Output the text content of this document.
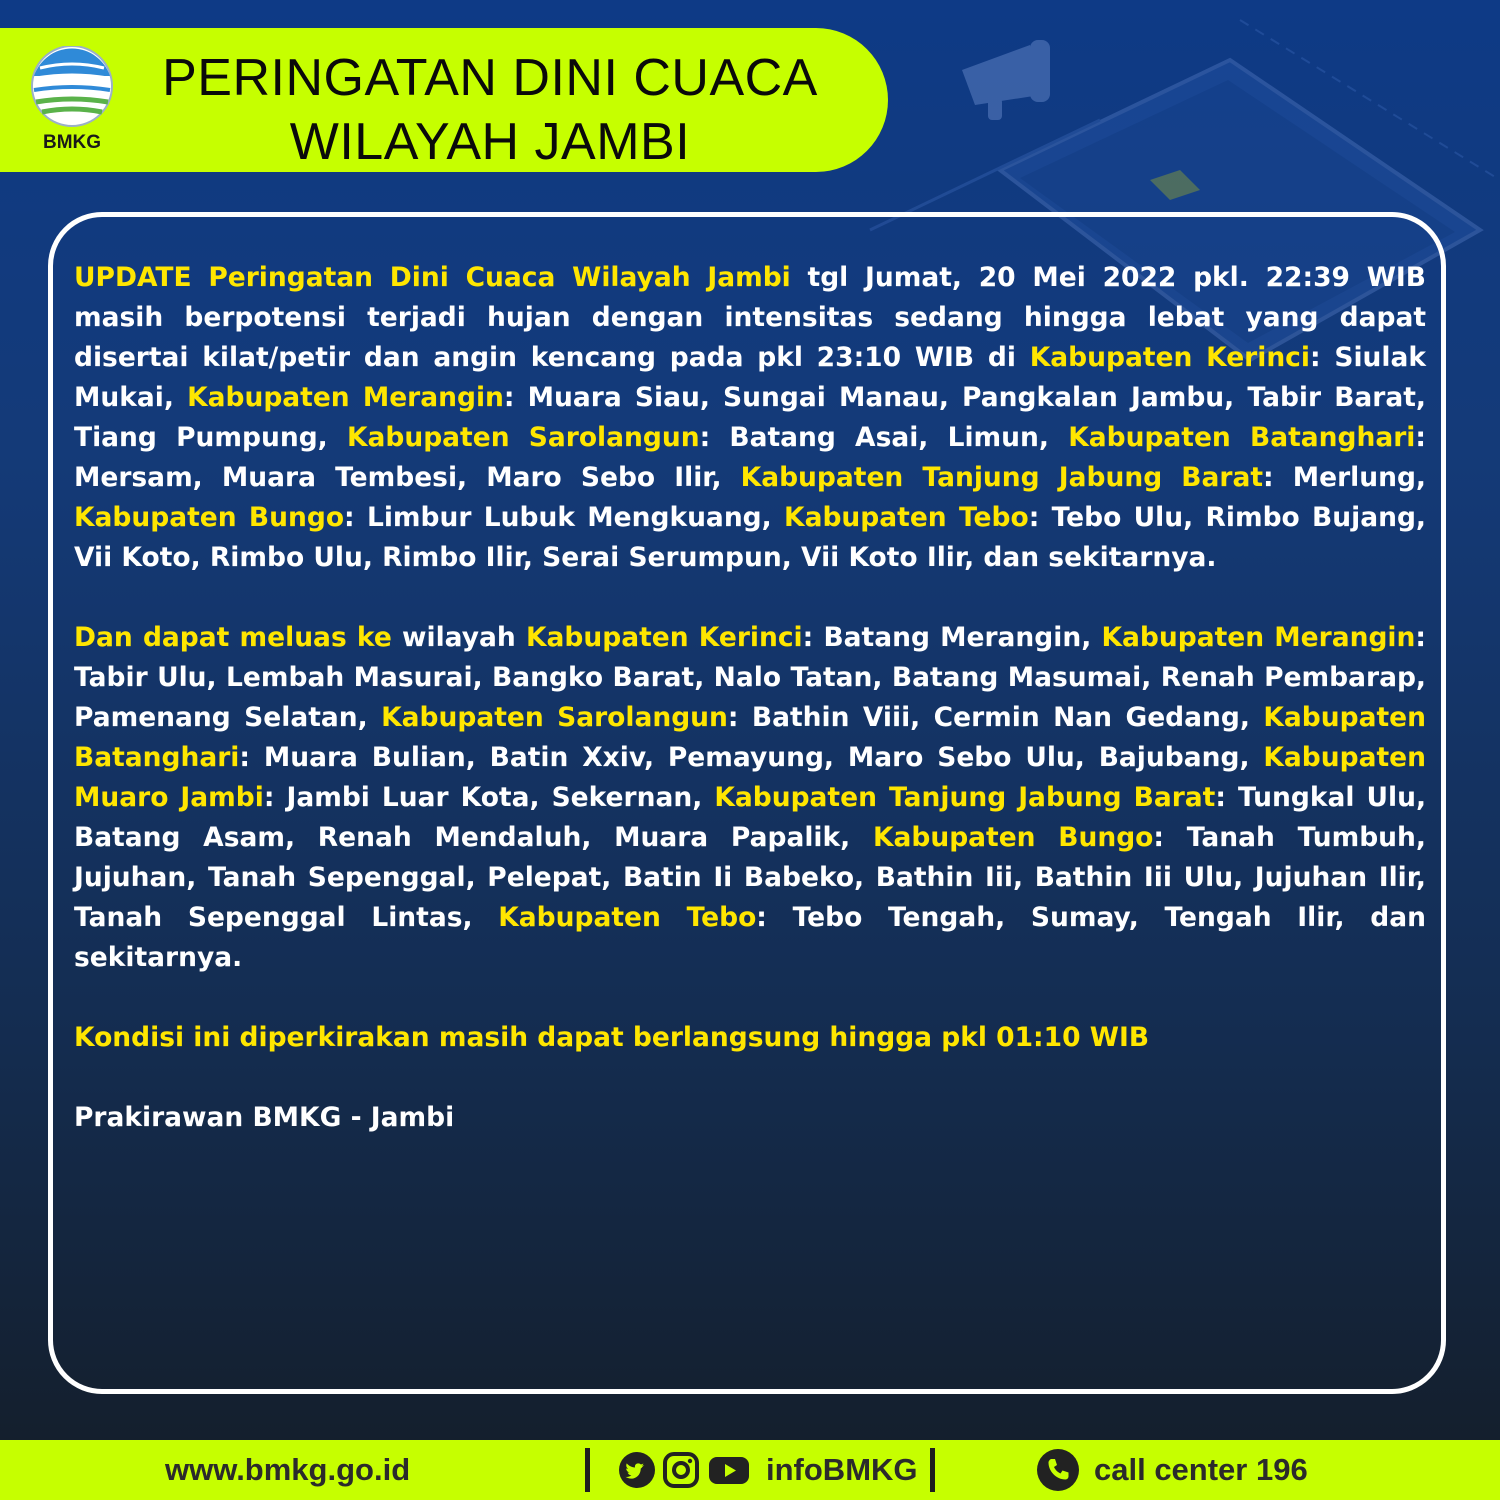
BMKG
PERINGATAN DINI CUACA
WILAYAH JAMBI

UPDATE Peringatan Dini Cuaca Wilayah Jambi tgl Jumat, 20 Mei 2022 pkl. 22:39 WIB masih berpotensi terjadi hujan dengan intensitas sedang hingga lebat yang dapat disertai kilat/petir dan angin kencang pada pkl 23:10 WIB di Kabupaten Kerinci: Siulak Mukai, Kabupaten Merangin: Muara Siau, Sungai Manau, Pangkalan Jambu, Tabir Barat, Tiang Pumpung, Kabupaten Sarolangun: Batang Asai, Limun, Kabupaten Batanghari: Mersam, Muara Tembesi, Maro Sebo Ilir, Kabupaten Tanjung Jabung Barat: Merlung, Kabupaten Bungo: Limbur Lubuk Mengkuang, Kabupaten Tebo: Tebo Ulu, Rimbo Bujang, Vii Koto, Rimbo Ulu, Rimbo Ilir, Serai Serumpun, Vii Koto Ilir, dan sekitarnya.

Dan dapat meluas ke wilayah Kabupaten Kerinci: Batang Merangin, Kabupaten Merangin: Tabir Ulu, Lembah Masurai, Bangko Barat, Nalo Tatan, Batang Masumai, Renah Pembarap, Pamenang Selatan, Kabupaten Sarolangun: Bathin Viii, Cermin Nan Gedang, Kabupaten Batanghari: Muara Bulian, Batin Xxiv, Pemayung, Maro Sebo Ulu, Bajubang, Kabupaten Muaro Jambi: Jambi Luar Kota, Sekernan, Kabupaten Tanjung Jabung Barat: Tungkal Ulu, Batang Asam, Renah Mendaluh, Muara Papalik, Kabupaten Bungo: Tanah Tumbuh, Jujuhan, Tanah Sepenggal, Pelepat, Batin Ii Babeko, Bathin Iii, Bathin Iii Ulu, Jujuhan Ilir, Tanah Sepenggal Lintas, Kabupaten Tebo: Tebo Tengah, Sumay, Tengah Ilir, dan sekitarnya.

Kondisi ini diperkirakan masih dapat berlangsung hingga pkl 01:10 WIB

Prakirawan BMKG - Jambi

www.bmkg.go.id	infoBMKG	call center 196
